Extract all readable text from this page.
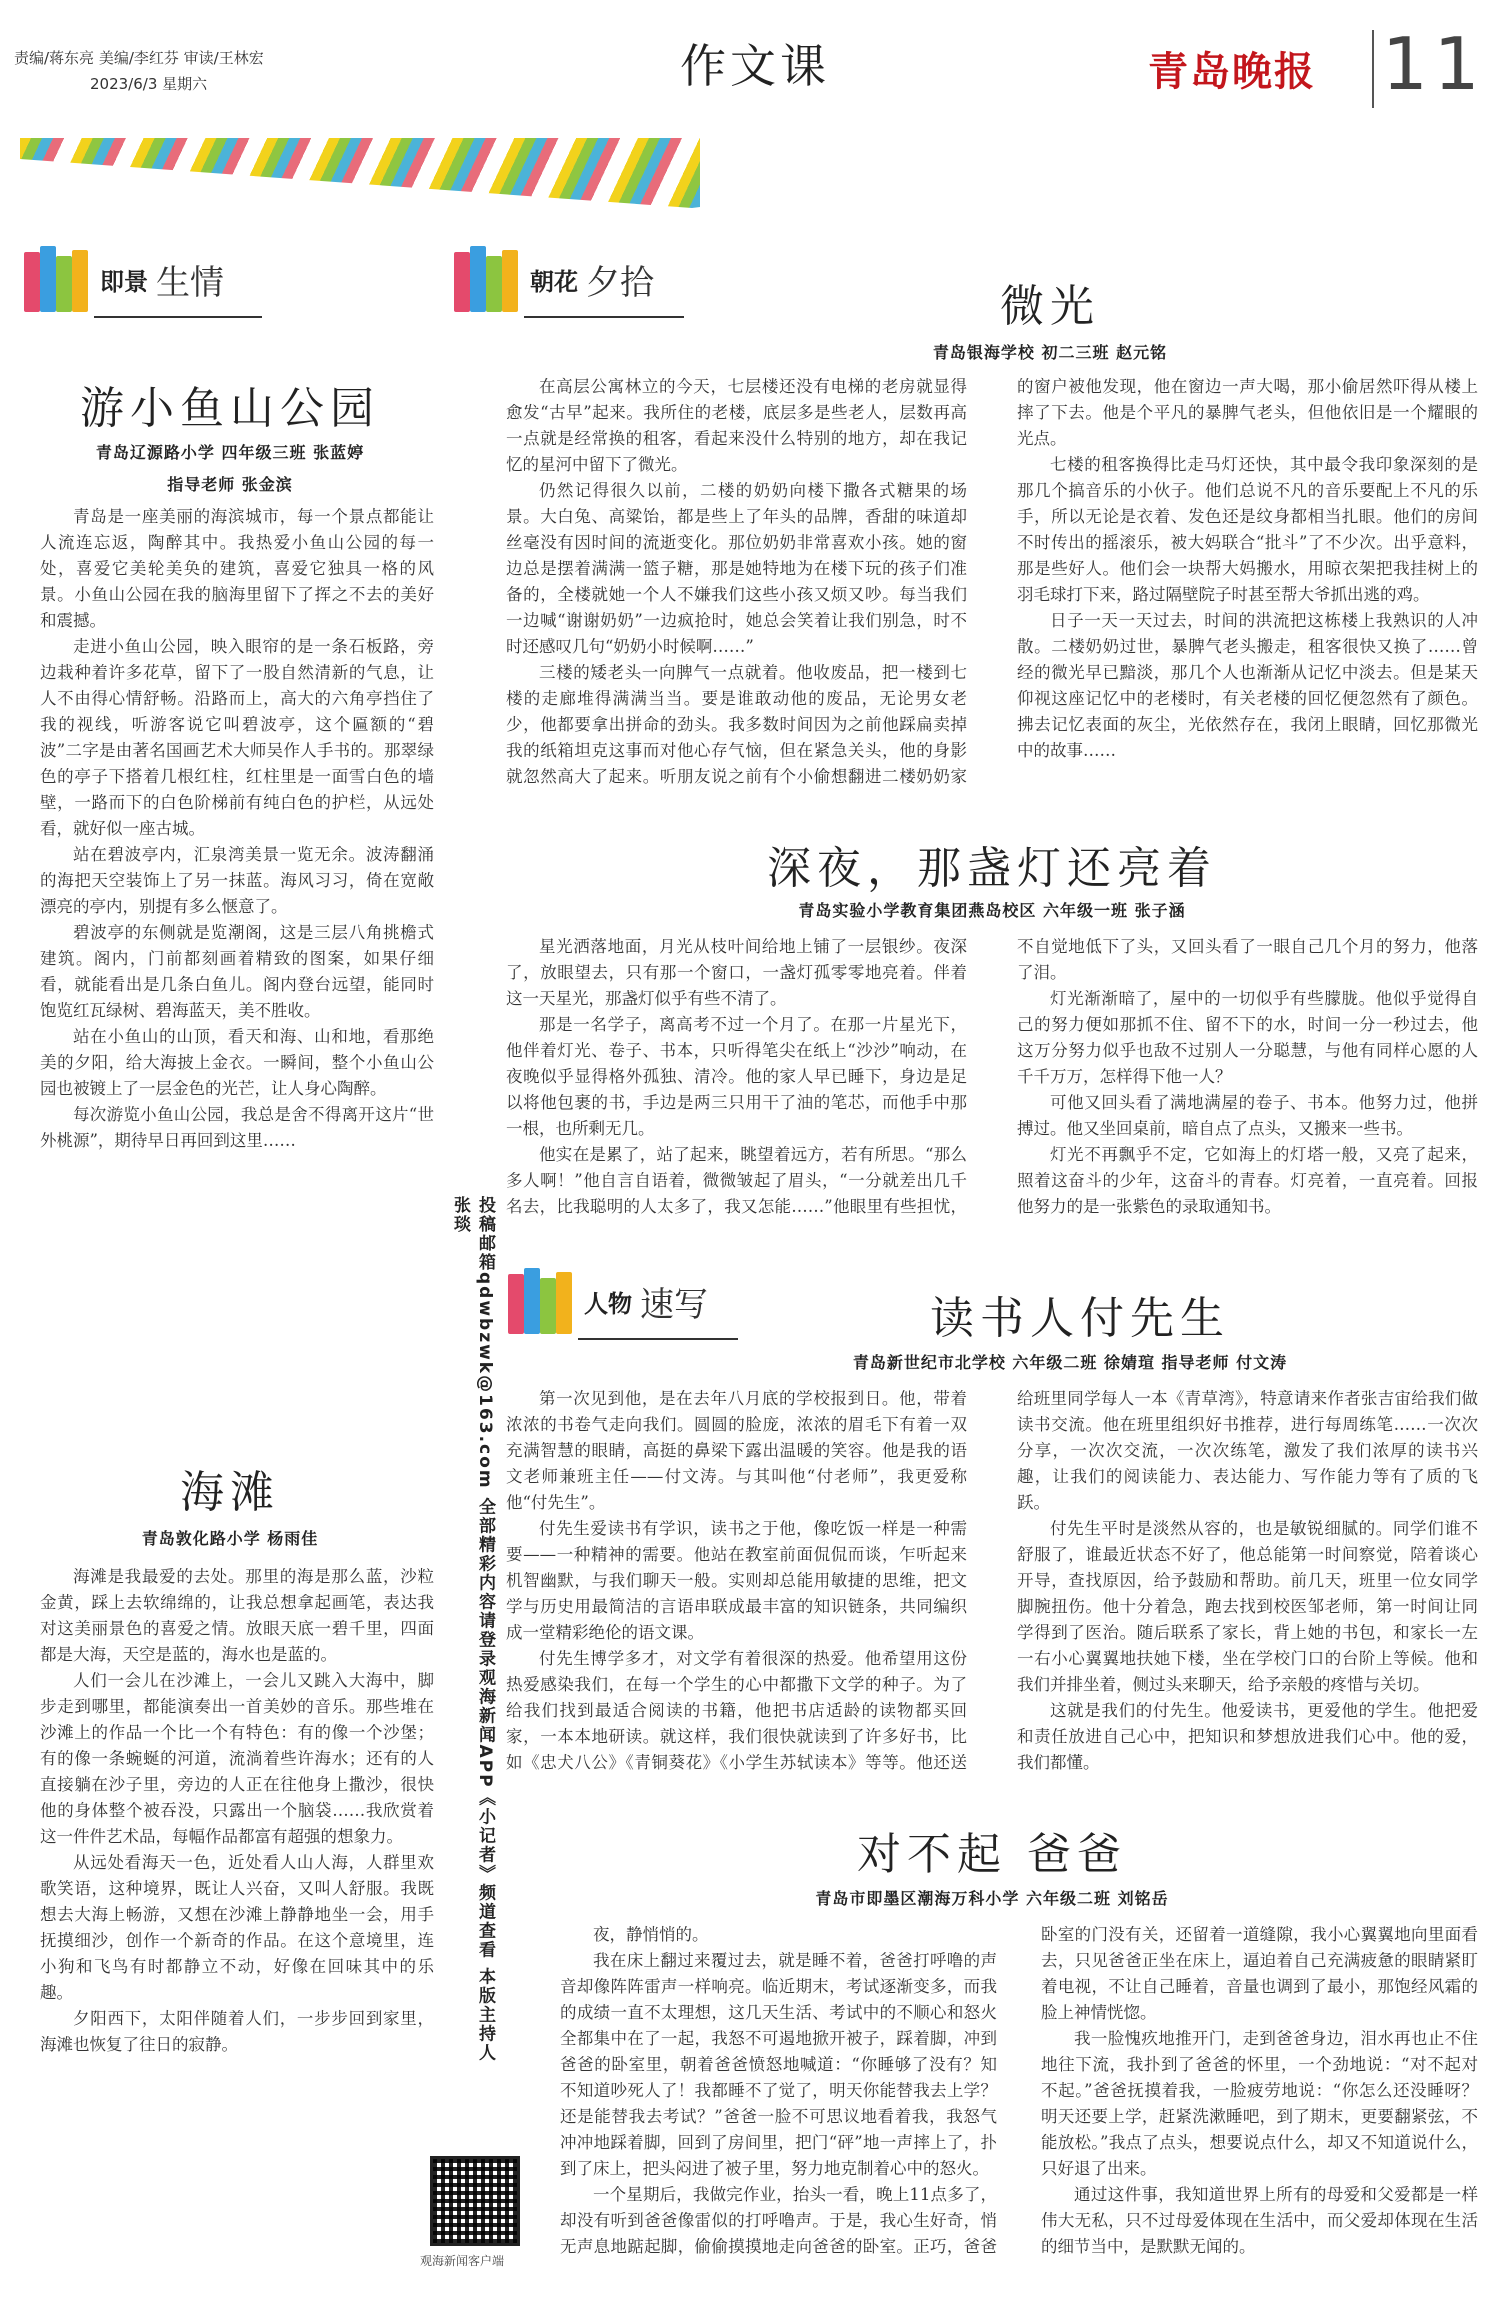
责编/蒋东亮 美编/李红芬 审读/王林宏
2023/6/3 星期六	作文课	青岛晚报 11
即景 生情
游小鱼山公园
青岛辽源路小学 四年级三班 张蓝婷
指导老师 张金滨

青岛是一座美丽的海滨城市，每一个景点都能让人流连忘返，陶醉其中。我热爱小鱼山公园的每一处，喜爱它美轮美奂的建筑，喜爱它独具一格的风景。小鱼山公园在我的脑海里留下了挥之不去的美好和震撼。

走进小鱼山公园，映入眼帘的是一条石板路，旁边栽种着许多花草，留下了一股自然清新的气息，让人不由得心情舒畅。沿路而上，高大的六角亭挡住了我的视线，听游客说它叫碧波亭，这个匾额的“碧波”二字是由著名国画艺术大师吴作人手书的。那翠绿色的亭子下搭着几根红柱，红柱里是一面雪白色的墙壁，一路而下的白色阶梯前有纯白色的护栏，从远处看，就好似一座古城。

站在碧波亭内，汇泉湾美景一览无余。波涛翻涌的海把天空装饰上了另一抹蓝。海风习习，倚在宽敞漂亮的亭内，别提有多么惬意了。

碧波亭的东侧就是览潮阁，这是三层八角挑檐式建筑。阁内，门前都刻画着精致的图案，如果仔细看，就能看出是几条白鱼儿。阁内登台远望，能同时饱览红瓦绿树、碧海蓝天，美不胜收。

站在小鱼山的山顶，看天和海、山和地，看那绝美的夕阳，给大海披上金衣。一瞬间，整个小鱼山公园也被镀上了一层金色的光芒，让人身心陶醉。

每次游览小鱼山公园，我总是舍不得离开这片“世外桃源”，期待早日再回到这里……

海滩
青岛敦化路小学 杨雨佳

海滩是我最爱的去处。那里的海是那么蓝，沙粒金黄，踩上去软绵绵的，让我总想拿起画笔，表达我对这美丽景色的喜爱之情。放眼天底一碧千里，四面都是大海，天空是蓝的，海水也是蓝的。

人们一会儿在沙滩上，一会儿又跳入大海中，脚步走到哪里，都能演奏出一首美妙的音乐。那些堆在沙滩上的作品一个比一个有特色：有的像一个沙堡；有的像一条蜿蜒的河道，流淌着些许海水；还有的人直接躺在沙子里，旁边的人正在往他身上撒沙，很快他的身体整个被吞没，只露出一个脑袋……我欣赏着这一件件艺术品，每幅作品都富有超强的想象力。

从远处看海天一色，近处看人山人海，人群里欢歌笑语，这种境界，既让人兴奋，又叫人舒服。我既想去大海上畅游，又想在沙滩上静静地坐一会，用手抚摸细沙，创作一个新奇的作品。在这个意境里，连小狗和飞鸟有时都静立不动，好像在回味其中的乐趣。

夕阳西下，太阳伴随着人们，一步步回到家里，海滩也恢复了往日的寂静。	投稿邮箱qdwbzwk@163.com 全部精彩内容请登录观海新闻APP《小记者》频道查看 本版主持人 张琰
观海新闻客户端
朝花 夕拾	微光
青岛银海学校 初二三班 赵元铭

在高层公寓林立的今天，七层楼还没有电梯的老房就显得愈发“古早”起来。我所住的老楼，底层多是些老人，层数再高一点就是经常换的租客，看起来没什么特别的地方，却在我记忆的星河中留下了微光。

仍然记得很久以前，二楼的奶奶向楼下撒各式糖果的场景。大白兔、高粱饴，都是些上了年头的品牌，香甜的味道却丝毫没有因时间的流逝变化。那位奶奶非常喜欢小孩。她的窗边总是摆着满满一篮子糖，那是她特地为在楼下玩的孩子们准备的，全楼就她一个人不嫌我们这些小孩又烦又吵。每当我们一边喊“谢谢奶奶”一边疯抢时，她总会笑着让我们别急，时不时还感叹几句“奶奶小时候啊……”

三楼的矮老头一向脾气一点就着。他收废品，把一楼到七楼的走廊堆得满满当当。要是谁敢动他的废品，无论男女老少，他都要拿出拼命的劲头。我多数时间因为之前他踩扁卖掉我的纸箱坦克这事而对他心存气恼，但在紧急关头，他的身影就忽然高大了起来。听朋友说之前有个小偷想翻进二楼奶奶家的窗户被他发现，他在窗边一声大喝，那小偷居然吓得从楼上摔了下去。他是个平凡的暴脾气老头，但他依旧是一个耀眼的光点。

七楼的租客换得比走马灯还快，其中最令我印象深刻的是那几个搞音乐的小伙子。他们总说不凡的音乐要配上不凡的乐手，所以无论是衣着、发色还是纹身都相当扎眼。他们的房间不时传出的摇滚乐，被大妈联合“批斗”了不少次。出乎意料，那是些好人。他们会一块帮大妈搬水，用晾衣架把我挂树上的羽毛球打下来，路过隔壁院子时甚至帮大爷抓出逃的鸡。

日子一天一天过去，时间的洪流把这栋楼上我熟识的人冲散。二楼奶奶过世，暴脾气老头搬走，租客很快又换了……曾经的微光早已黯淡，那几个人也渐渐从记忆中淡去。但是某天仰视这座记忆中的老楼时，有关老楼的回忆便忽然有了颜色。拂去记忆表面的灰尘，光依然存在，我闭上眼睛，回忆那微光中的故事……

深夜，那盏灯还亮着
青岛实验小学教育集团燕岛校区 六年级一班 张子涵

星光洒落地面，月光从枝叶间给地上铺了一层银纱。夜深了，放眼望去，只有那一个窗口，一盏灯孤零零地亮着。伴着这一天星光，那盏灯似乎有些不清了。

那是一名学子，离高考不过一个月了。在那一片星光下，他伴着灯光、卷子、书本，只听得笔尖在纸上“沙沙”响动，在夜晚似乎显得格外孤独、清冷。他的家人早已睡下，身边是足以将他包裹的书，手边是两三只用干了油的笔芯，而他手中那一根，也所剩无几。

他实在是累了，站了起来，眺望着远方，若有所思。“那么多人啊！”他自言自语着，微微皱起了眉头，“一分就差出几千名去，比我聪明的人太多了，我又怎能……”他眼里有些担忧，不自觉地低下了头，又回头看了一眼自己几个月的努力，他落了泪。

灯光渐渐暗了，屋中的一切似乎有些朦胧。他似乎觉得自己的努力便如那抓不住、留不下的水，时间一分一秒过去，他这万分努力似乎也敌不过别人一分聪慧，与他有同样心愿的人千千万万，怎样得下他一人？

可他又回头看了满地满屋的卷子、书本。他努力过，他拼搏过。他又坐回桌前，暗自点了点头，又搬来一些书。

灯光不再飘乎不定，它如海上的灯塔一般，又亮了起来，照着这奋斗的少年，这奋斗的青春。灯亮着，一直亮着。回报他努力的是一张紫色的录取通知书。

人物 速写	读书人付先生
青岛新世纪市北学校 六年级二班 徐婧瑄 指导老师 付文涛

第一次见到他，是在去年八月底的学校报到日。他，带着浓浓的书卷气走向我们。圆圆的脸庞，浓浓的眉毛下有着一双充满智慧的眼睛，高挺的鼻梁下露出温暖的笑容。他是我的语文老师兼班主任——付文涛。与其叫他“付老师”，我更爱称他“付先生”。

付先生爱读书有学识，读书之于他，像吃饭一样是一种需要——一种精神的需要。他站在教室前面侃侃而谈，乍听起来机智幽默，与我们聊天一般。实则却总能用敏捷的思维，把文学与历史用最简洁的言语串联成最丰富的知识链条，共同编织成一堂精彩绝伦的语文课。

付先生博学多才，对文学有着很深的热爱。他希望用这份热爱感染我们，在每一个学生的心中都撒下文学的种子。为了给我们找到最适合阅读的书籍，他把书店适龄的读物都买回家，一本本地研读。就这样，我们很快就读到了许多好书，比如《忠犬八公》《青铜葵花》《小学生苏轼读本》等等。他还送给班里同学每人一本《青草湾》，特意请来作者张吉宙给我们做读书交流。他在班里组织好书推荐，进行每周练笔……一次次分享，一次次交流，一次次练笔，激发了我们浓厚的读书兴趣，让我们的阅读能力、表达能力、写作能力等有了质的飞跃。

付先生平时是淡然从容的，也是敏锐细腻的。同学们谁不舒服了，谁最近状态不好了，他总能第一时间察觉，陪着谈心开导，查找原因，给予鼓励和帮助。前几天，班里一位女同学脚腕扭伤。他十分着急，跑去找到校医邹老师，第一时间让同学得到了医治。随后联系了家长，背上她的书包，和家长一左一右小心翼翼地扶她下楼，坐在学校门口的台阶上等候。他和我们并排坐着，侧过头来聊天，给予亲般的疼惜与关切。

这就是我们的付先生。他爱读书，更爱他的学生。他把爱和责任放进自己心中，把知识和梦想放进我们心中。他的爱，我们都懂。

对不起 爸爸
青岛市即墨区潮海万科小学 六年级二班 刘铭岳

夜，静悄悄的。

我在床上翻过来覆过去，就是睡不着，爸爸打呼噜的声音却像阵阵雷声一样响亮。临近期末，考试逐渐变多，而我的成绩一直不太理想，这几天生活、考试中的不顺心和怒火全都集中在了一起，我怒不可遏地掀开被子，踩着脚，冲到爸爸的卧室里，朝着爸爸愤怒地喊道：“你睡够了没有？知不知道吵死人了！我都睡不了觉了，明天你能替我去上学？还是能替我去考试？”爸爸一脸不可思议地看着我，我怒气冲冲地踩着脚，回到了房间里，把门“砰”地一声摔上了，扑到了床上，把头闷进了被子里，努力地克制着心中的怒火。

一个星期后，我做完作业，抬头一看，晚上11点多了，却没有听到爸爸像雷似的打呼噜声。于是，我心生好奇，悄无声息地踮起脚，偷偷摸摸地走向爸爸的卧室。正巧，爸爸卧室的门没有关，还留着一道缝隙，我小心翼翼地向里面看去，只见爸爸正坐在床上，逼迫着自己充满疲惫的眼睛紧盯着电视，不让自己睡着，音量也调到了最小，那饱经风霜的脸上神情恍惚。

我一脸愧疚地推开门，走到爸爸身边，泪水再也止不住地往下流，我扑到了爸爸的怀里，一个劲地说：“对不起对不起。”爸爸抚摸着我，一脸疲劳地说：“你怎么还没睡呀？明天还要上学，赶紧洗漱睡吧，到了期末，更要翻紧弦，不能放松。”我点了点头，想要说点什么，却又不知道说什么，只好退了出来。

通过这件事，我知道世界上所有的母爱和父爱都是一样伟大无私，只不过母爱体现在生活中，而父爱却体现在生活的细节当中，是默默无闻的。
